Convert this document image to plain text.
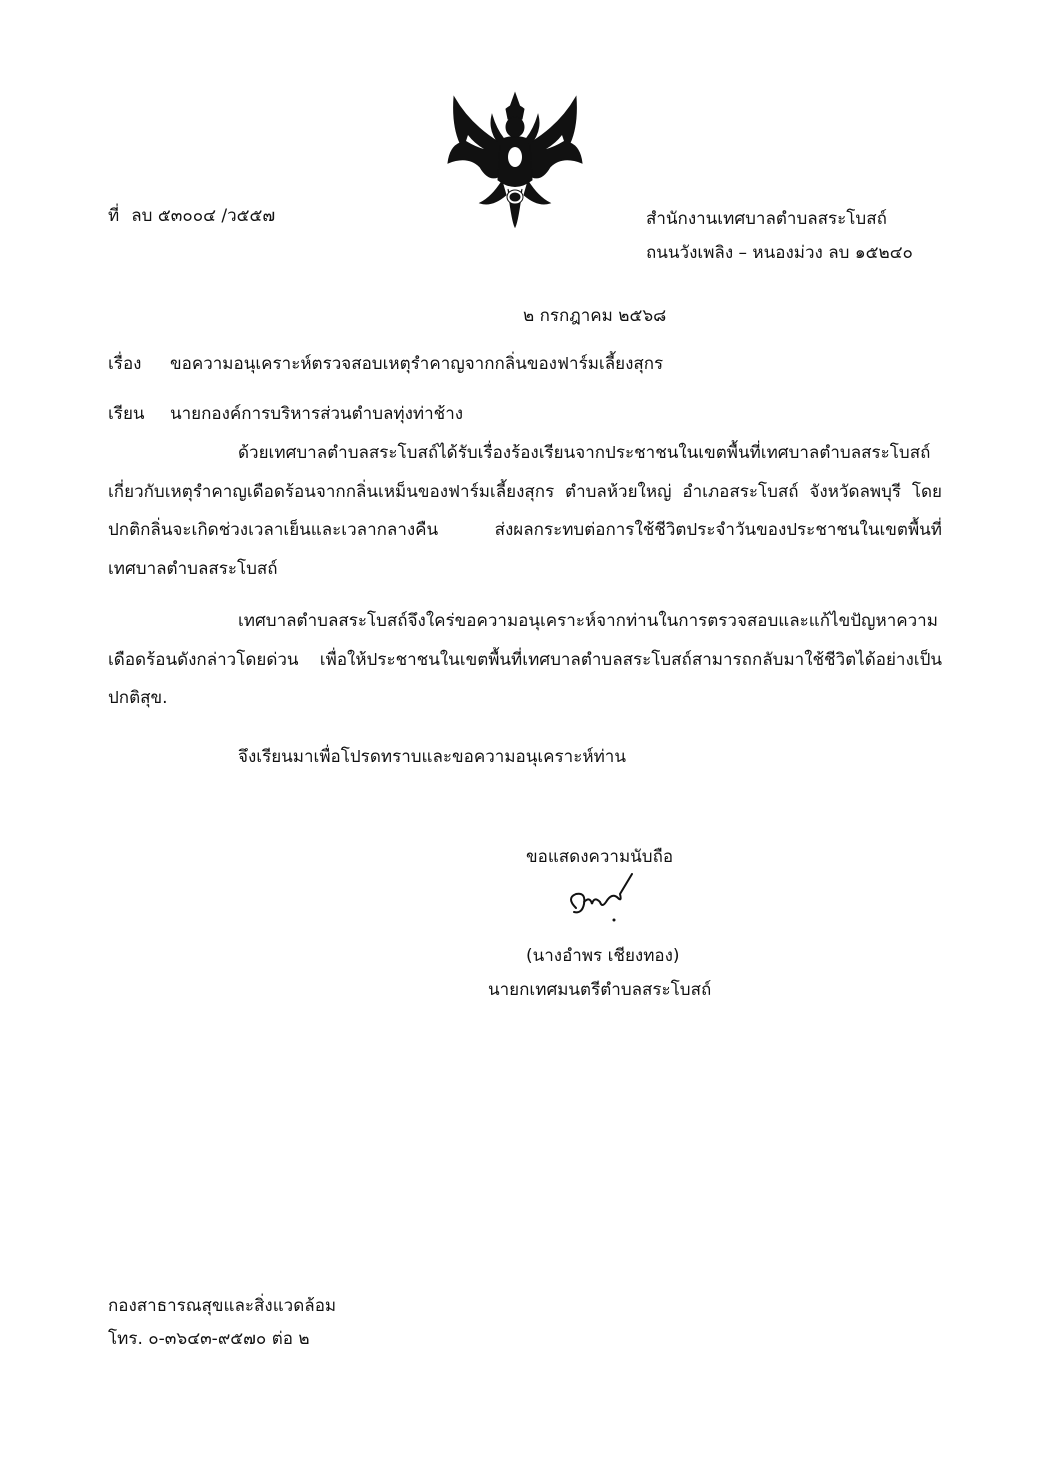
ที่ ลบ ๕๓๐๐๔ /ว๕๕๗	สำนักงานเทศบาลตำบลสระโบสถ์
ถนนวังเพลิง – หนองม่วง ลบ ๑๕๒๔๐
๒ กรกฎาคม ๒๕๖๘
เรื่อง ขอความอนุเคราะห์ตรวจสอบเหตุรำคาญจากกลิ่นของฟาร์มเลี้ยงสุกร
เรียน นายกองค์การบริหารส่วนตำบลทุ่งท่าช้าง
ด้วยเทศบาลตำบลสระโบสถ์ได้รับเรื่องร้องเรียนจากประชาชนในเขตพื้นที่เทศบาลตำบลสระโบสถ์เกี่ยวกับเหตุรำคาญเดือดร้อนจากกลิ่นเหม็นของฟาร์มเลี้ยงสุกร ตำบลห้วยใหญ่ อำเภอสระโบสถ์ จังหวัดลพบุรี โดยปกติกลิ่นจะเกิดช่วงเวลาเย็นและเวลากลางคืน ส่งผลกระทบต่อการใช้ชีวิตประจำวันของประชาชนในเขตพื้นที่เทศบาลตำบลสระโบสถ์
เทศบาลตำบลสระโบสถ์จึงใคร่ขอความอนุเคราะห์จากท่านในการตรวจสอบและแก้ไขปัญหาความเดือดร้อนดังกล่าวโดยด่วน เพื่อให้ประชาชนในเขตพื้นที่เทศบาลตำบลสระโบสถ์สามารถกลับมาใช้ชีวิตได้อย่างเป็นปกติสุข.
จึงเรียนมาเพื่อโปรดทราบและขอความอนุเคราะห์ท่าน
ขอแสดงความนับถือ
(นางอำพร เชียงทอง)
นายกเทศมนตรีตำบลสระโบสถ์
กองสาธารณสุขและสิ่งแวดล้อม
โทร. ๐-๓๖๔๓-๙๕๗๐ ต่อ ๒
